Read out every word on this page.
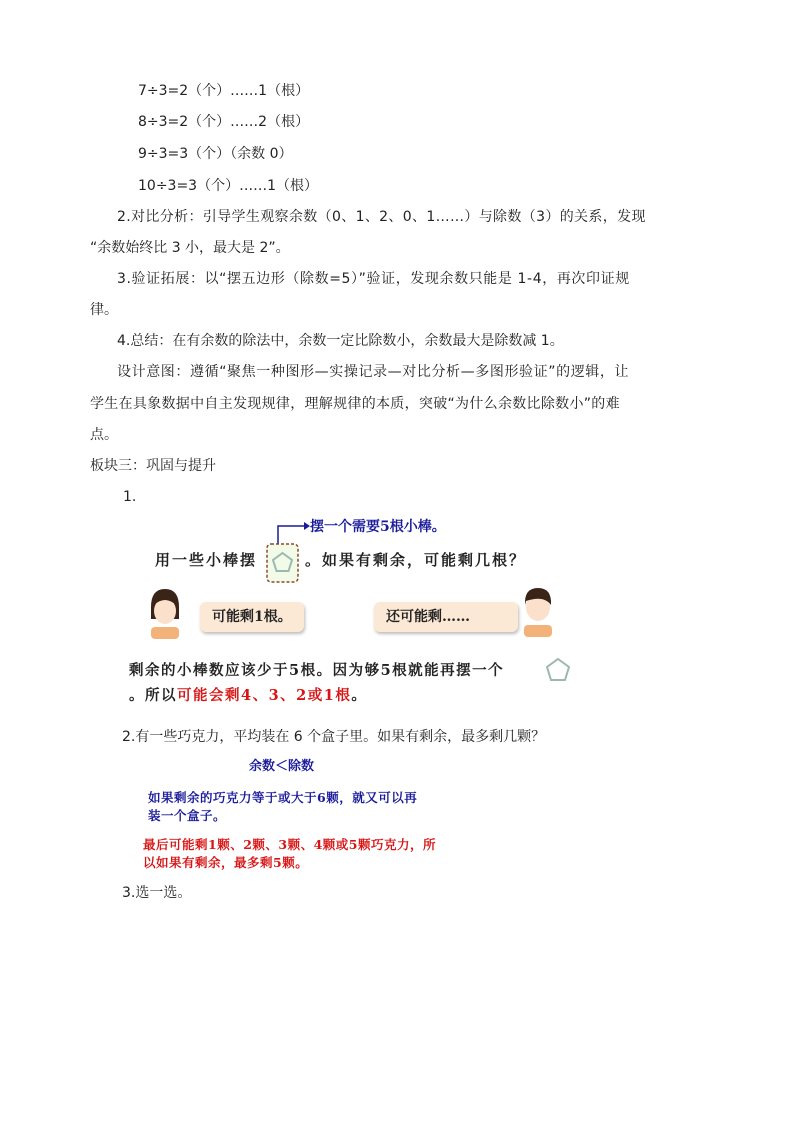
7÷3=2（个）……1（根）
8÷3=2（个）……2（根）
9÷3=3（个）（余数 0）
10÷3=3（个）……1（根）
2.对比分析：引导学生观察余数（0、1、2、0、1……）与除数（3）的关系，发现
“余数始终比 3 小，最大是 2”。
3.验证拓展：以“摆五边形（除数=5）”验证，发现余数只能是 1-4，再次印证规
律。
4.总结：在有余数的除法中，余数一定比除数小，余数最大是除数减 1。
设计意图：遵循“聚焦一种图形—实操记录—对比分析—多图形验证”的逻辑，让
学生在具象数据中自主发现规律，理解规律的本质，突破“为什么余数比除数小”的难
点。
板块三：巩固与提升
1.
摆一个需要5根小棒。
用一些小棒摆	。如果有剩余，可能剩几根？
可能剩1根。	还可能剩……
剩余的小棒数应该少于5根。因为够5根就能再摆一个
。所以可能会剩4、3、2或1根。
2.有一些巧克力，平均装在 6 个盒子里。如果有剩余，最多剩几颗？
余数＜除数
如果剩余的巧克力等于或大于6颗，就又可以再
装一个盒子。
最后可能剩1颗、2颗、3颗、4颗或5颗巧克力，所
以如果有剩余，最多剩5颗。
3.选一选。
